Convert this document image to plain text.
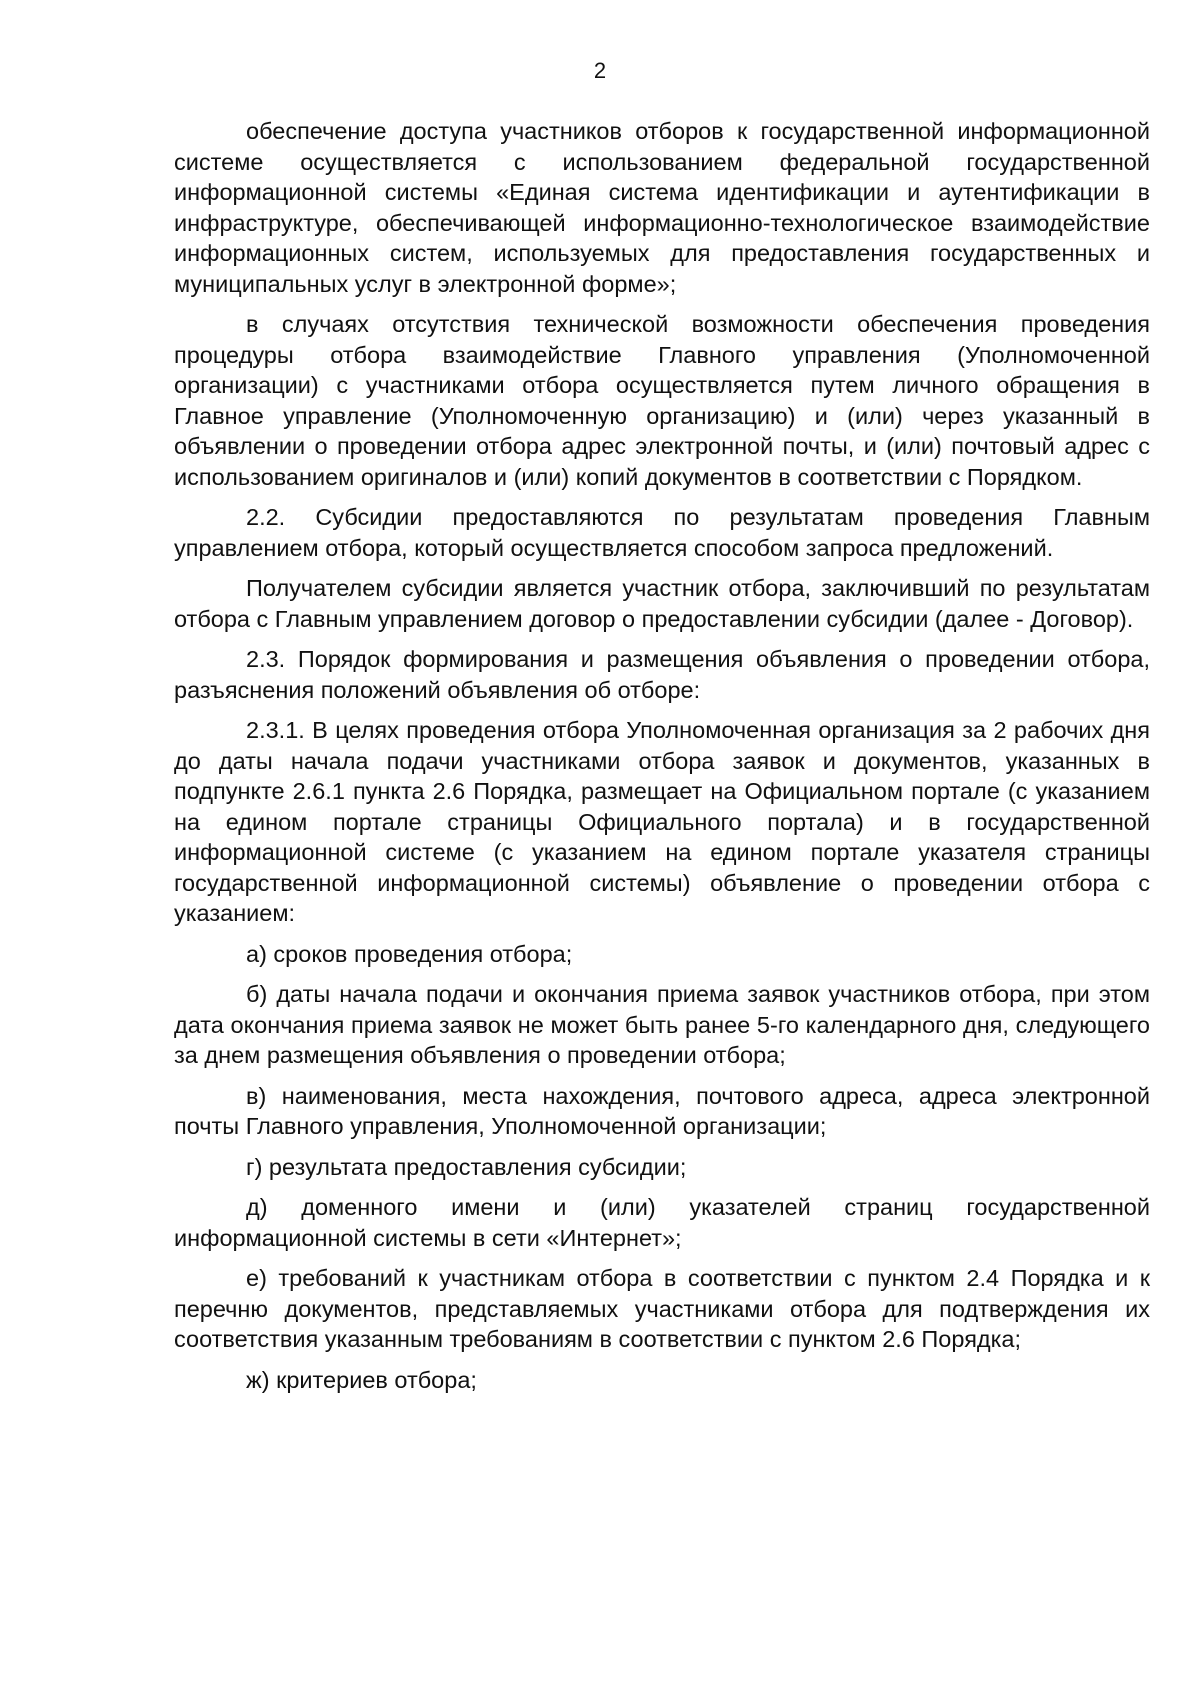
2

обеспечение доступа участников отборов к государственной информационной системе осуществляется с использованием федеральной государственной информационной системы «Единая система идентификации и аутентификации в инфраструктуре, обеспечивающей информационно-технологическое взаимодействие информационных систем, используемых для предоставления государственных и муниципальных услуг в электронной форме»;

в случаях отсутствия технической возможности обеспечения проведения процедуры отбора взаимодействие Главного управления (Уполномоченной организации) с участниками отбора осуществляется путем личного обращения в Главное управление (Уполномоченную организацию) и (или) через указанный в объявлении о проведении отбора адрес электронной почты, и (или) почтовый адрес с использованием оригиналов и (или) копий документов в соответствии с Порядком.

2.2. Субсидии предоставляются по результатам проведения Главным управлением отбора, который осуществляется способом запроса предложений.

Получателем субсидии является участник отбора, заключивший по результатам отбора с Главным управлением договор о предоставлении субсидии (далее - Договор).

2.3. Порядок формирования и размещения объявления о проведении отбора, разъяснения положений объявления об отборе:

2.3.1. В целях проведения отбора Уполномоченная организация за 2 рабочих дня до даты начала подачи участниками отбора заявок и документов, указанных в подпункте 2.6.1 пункта 2.6 Порядка, размещает на Официальном портале (с указанием на едином портале страницы Официального портала) и в государственной информационной системе (с указанием на едином портале указателя страницы государственной информационной системы) объявление о проведении отбора с указанием:

а) сроков проведения отбора;

б) даты начала подачи и окончания приема заявок участников отбора, при этом дата окончания приема заявок не может быть ранее 5-го календарного дня, следующего за днем размещения объявления о проведении отбора;

в) наименования, места нахождения, почтового адреса, адреса электронной почты Главного управления, Уполномоченной организации;

г) результата предоставления субсидии;

д) доменного имени и (или) указателей страниц государственной информационной системы в сети «Интернет»;

е) требований к участникам отбора в соответствии с пунктом 2.4 Порядка и к перечню документов, представляемых участниками отбора для подтверждения их соответствия указанным требованиям в соответствии с пунктом 2.6 Порядка;

ж) критериев отбора;
